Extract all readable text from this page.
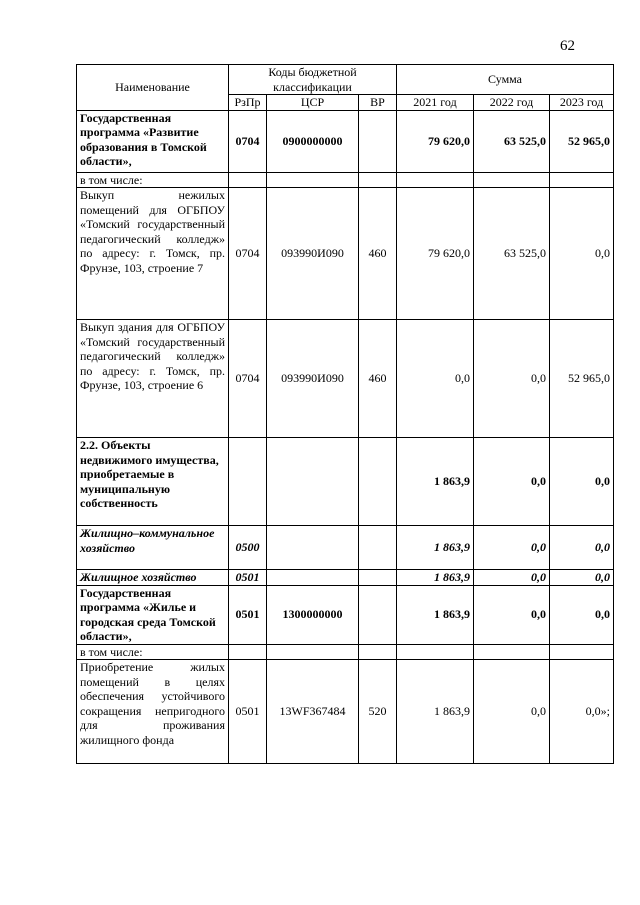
62
Наименование	Коды бюджетной классификации			Сумма		
	РзПр	ЦСР	ВР	2021 год	2022 год	2023 год
Государственная программа «Развитие образования в Томской области»,	0704	0900000000		79 620,0	63 525,0	52 965,0
в том числе:						
Выкуп нежилых помещений для ОГБПОУ «Томский государственный педагогический колледж» по адресу: г. Томск, пр. Фрунзе, 103, строение 7	0704	093990И090	460	79 620,0	63 525,0	0,0
Выкуп здания для ОГБПОУ «Томский государственный педагогический колледж» по адресу: г. Томск, пр. Фрунзе, 103, строение 6	0704	093990И090	460	0,0	0,0	52 965,0
2.2. Объекты недвижимого имущества, приобретаемые в муниципальную собственность				1 863,9	0,0	0,0
Жилищно–коммунальное хозяйство	0500			1 863,9	0,0	0,0
Жилищное хозяйство	0501			1 863,9	0,0	0,0
Государственная программа «Жилье и городская среда Томской области»,	0501	1300000000		1 863,9	0,0	0,0
в том числе:						
Приобретение жилых помещений в целях обеспечения устойчивого сокращения непригодного для проживания жилищного фонда	0501	13WF367484	520	1 863,9	0,0	0,0»;
